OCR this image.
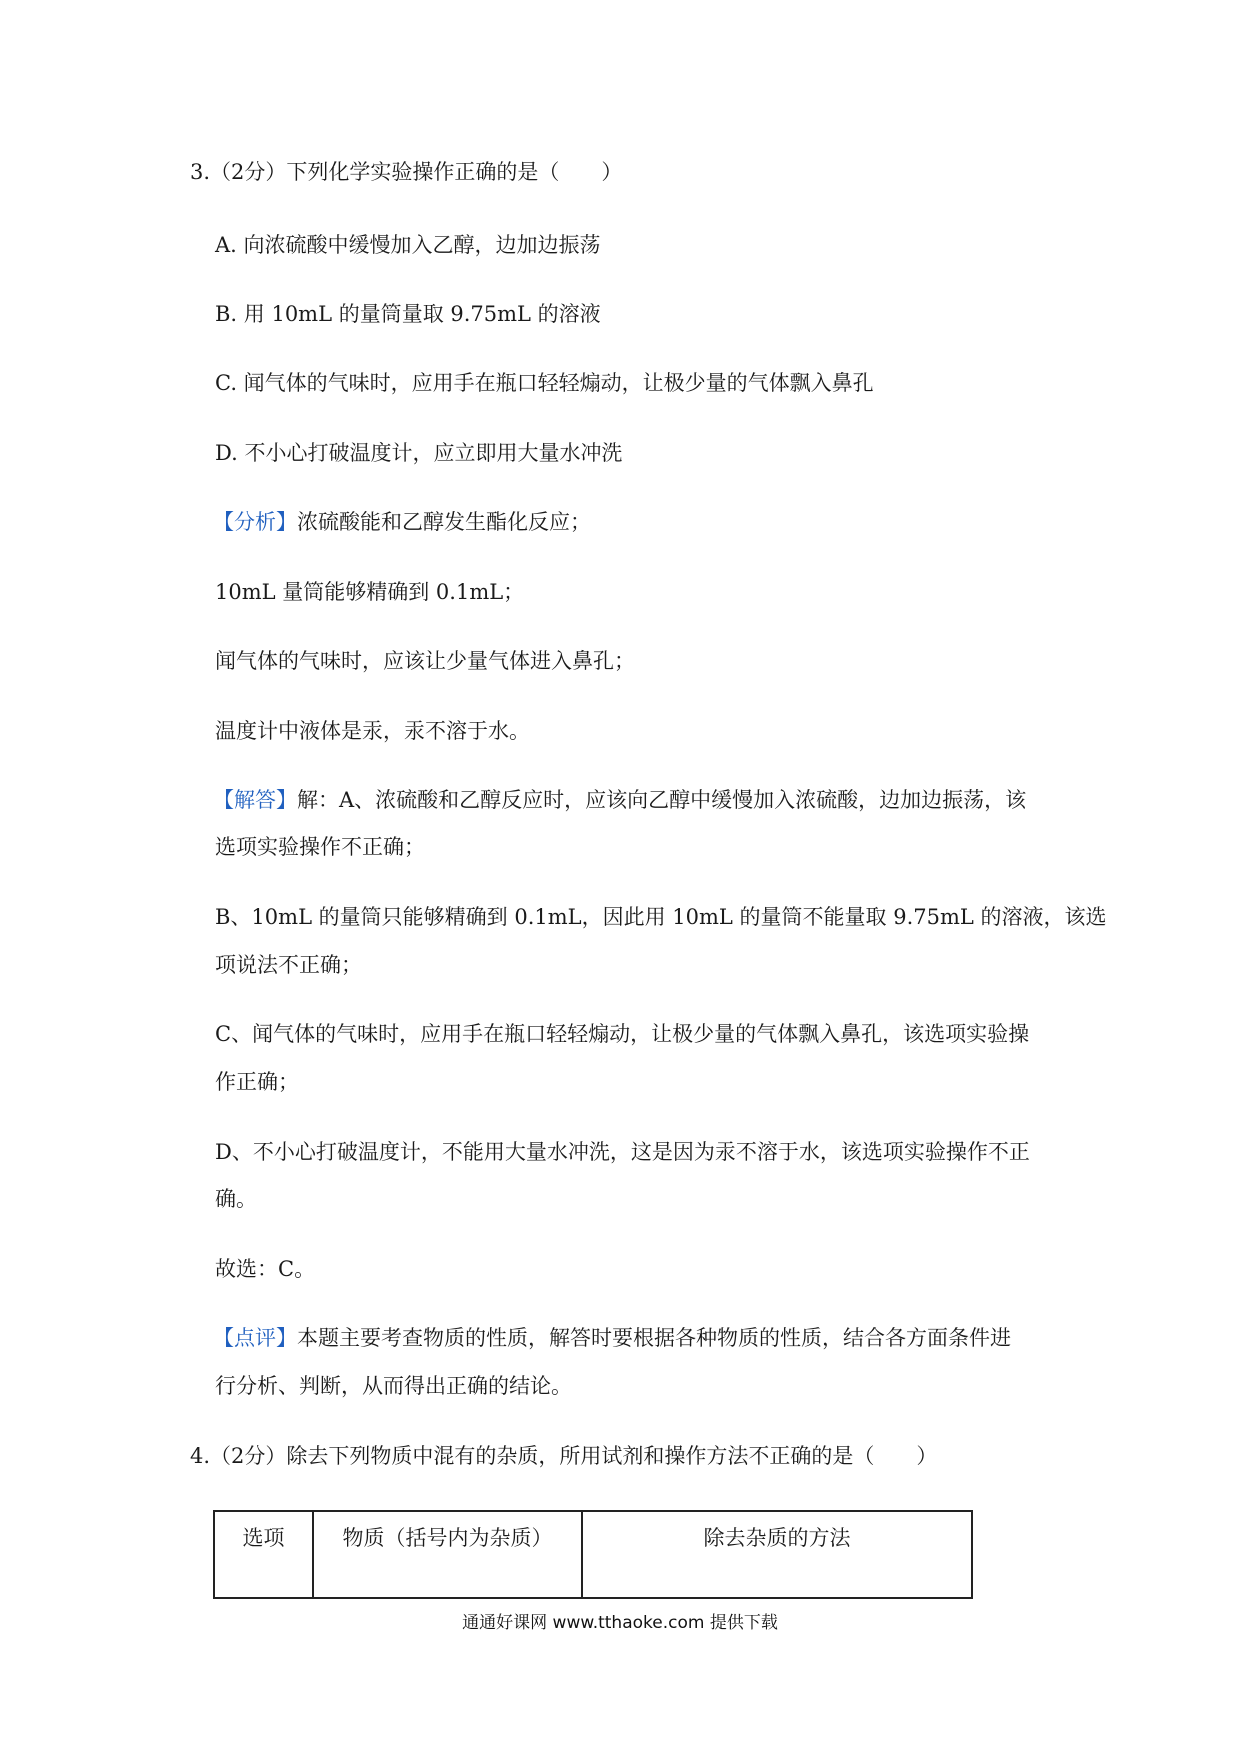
3.（2分）下列化学实验操作正确的是（　　）
A. 向浓硫酸中缓慢加入乙醇，边加边振荡
B. 用 10mL 的量筒量取 9.75mL 的溶液
C. 闻气体的气味时，应用手在瓶口轻轻煽动，让极少量的气体飘入鼻孔
D. 不小心打破温度计，应立即用大量水冲洗
【分析】浓硫酸能和乙醇发生酯化反应；
10mL 量筒能够精确到 0.1mL；
闻气体的气味时，应该让少量气体进入鼻孔；
温度计中液体是汞，汞不溶于水。
【解答】解：A、浓硫酸和乙醇反应时，应该向乙醇中缓慢加入浓硫酸，边加边振荡，该
选项实验操作不正确；
B、10mL 的量筒只能够精确到 0.1mL，因此用 10mL 的量筒不能量取 9.75mL 的溶液，该选
项说法不正确；
C、闻气体的气味时，应用手在瓶口轻轻煽动，让极少量的气体飘入鼻孔，该选项实验操
作正确；
D、不小心打破温度计，不能用大量水冲洗，这是因为汞不溶于水，该选项实验操作不正
确。
故选：C。
【点评】本题主要考查物质的性质，解答时要根据各种物质的性质，结合各方面条件进
行分析、判断，从而得出正确的结论。
4.（2分）除去下列物质中混有的杂质，所用试剂和操作方法不正确的是（　　）
选项	物质（括号内为杂质）	除去杂质的方法
通通好课网 www.tthaoke.com 提供下载
